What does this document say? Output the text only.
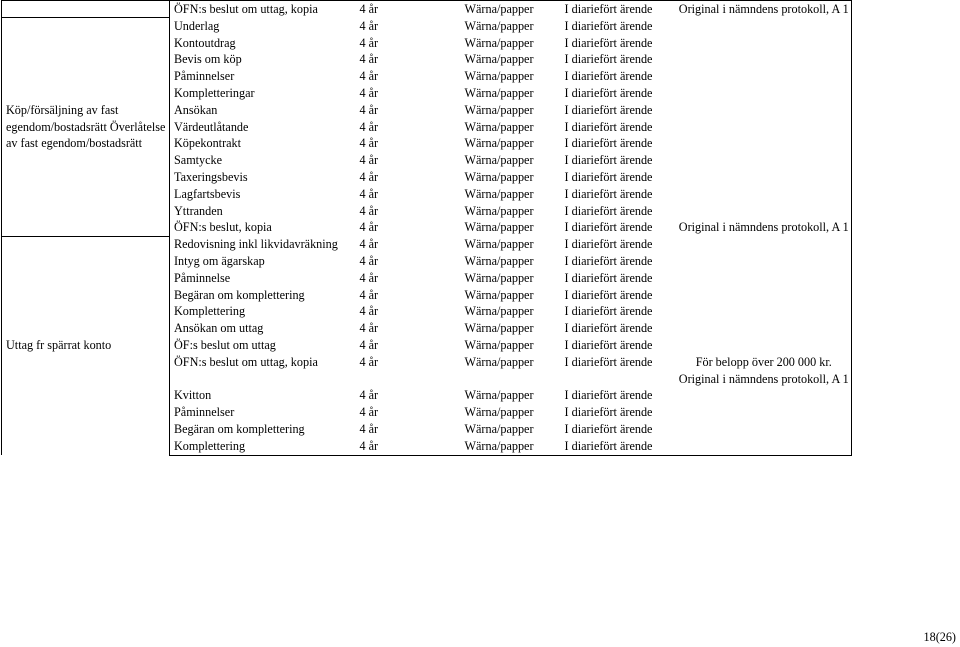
	ÖFN:s beslut om uttag, kopia	4 år	Wärna/papper	I diariefört ärende	Original i nämndens protokoll, A 1
Köp/försäljning av fast egendom/bostadsrätt Överlåtelse av fast egendom/bostadsrätt	Underlag	4 år	Wärna/papper	I diariefört ärende	
	Kontoutdrag	4 år	Wärna/papper	I diariefört ärende	
	Bevis om köp	4 år	Wärna/papper	I diariefört ärende	
	Påminnelser	4 år	Wärna/papper	I diariefört ärende	
	Kompletteringar	4 år	Wärna/papper	I diariefört ärende	
	Ansökan	4 år	Wärna/papper	I diariefört ärende	
	Värdeutlåtande	4 år	Wärna/papper	I diariefört ärende	
	Köpekontrakt	4 år	Wärna/papper	I diariefört ärende	
	Samtycke	4 år	Wärna/papper	I diariefört ärende	
	Taxeringsbevis	4 år	Wärna/papper	I diariefört ärende	
	Lagfartsbevis	4 år	Wärna/papper	I diariefört ärende	
	Yttranden	4 år	Wärna/papper	I diariefört ärende	
	ÖFN:s beslut, kopia	4 år	Wärna/papper	I diariefört ärende	Original i nämndens protokoll, A 1
Uttag fr spärrat konto	Redovisning inkl likvidavräkning	4 år	Wärna/papper	I diariefört ärende	
	Intyg om ägarskap	4 år	Wärna/papper	I diariefört ärende	
	Påminnelse	4 år	Wärna/papper	I diariefört ärende	
	Begäran om komplettering	4 år	Wärna/papper	I diariefört ärende	
	Komplettering	4 år	Wärna/papper	I diariefört ärende	
	Ansökan om uttag	4 år	Wärna/papper	I diariefört ärende	
	ÖF:s beslut om uttag	4 år	Wärna/papper	I diariefört ärende	
	ÖFN:s beslut om uttag, kopia	4 år	Wärna/papper	I diariefört ärende	För belopp över 200 000 kr. Original i nämndens protokoll, A 1
	Kvitton	4 år	Wärna/papper	I diariefört ärende	
	Påminnelser	4 år	Wärna/papper	I diariefört ärende	
	Begäran om komplettering	4 år	Wärna/papper	I diariefört ärende	
	Komplettering	4 år	Wärna/papper	I diariefört ärende	
18(26)
